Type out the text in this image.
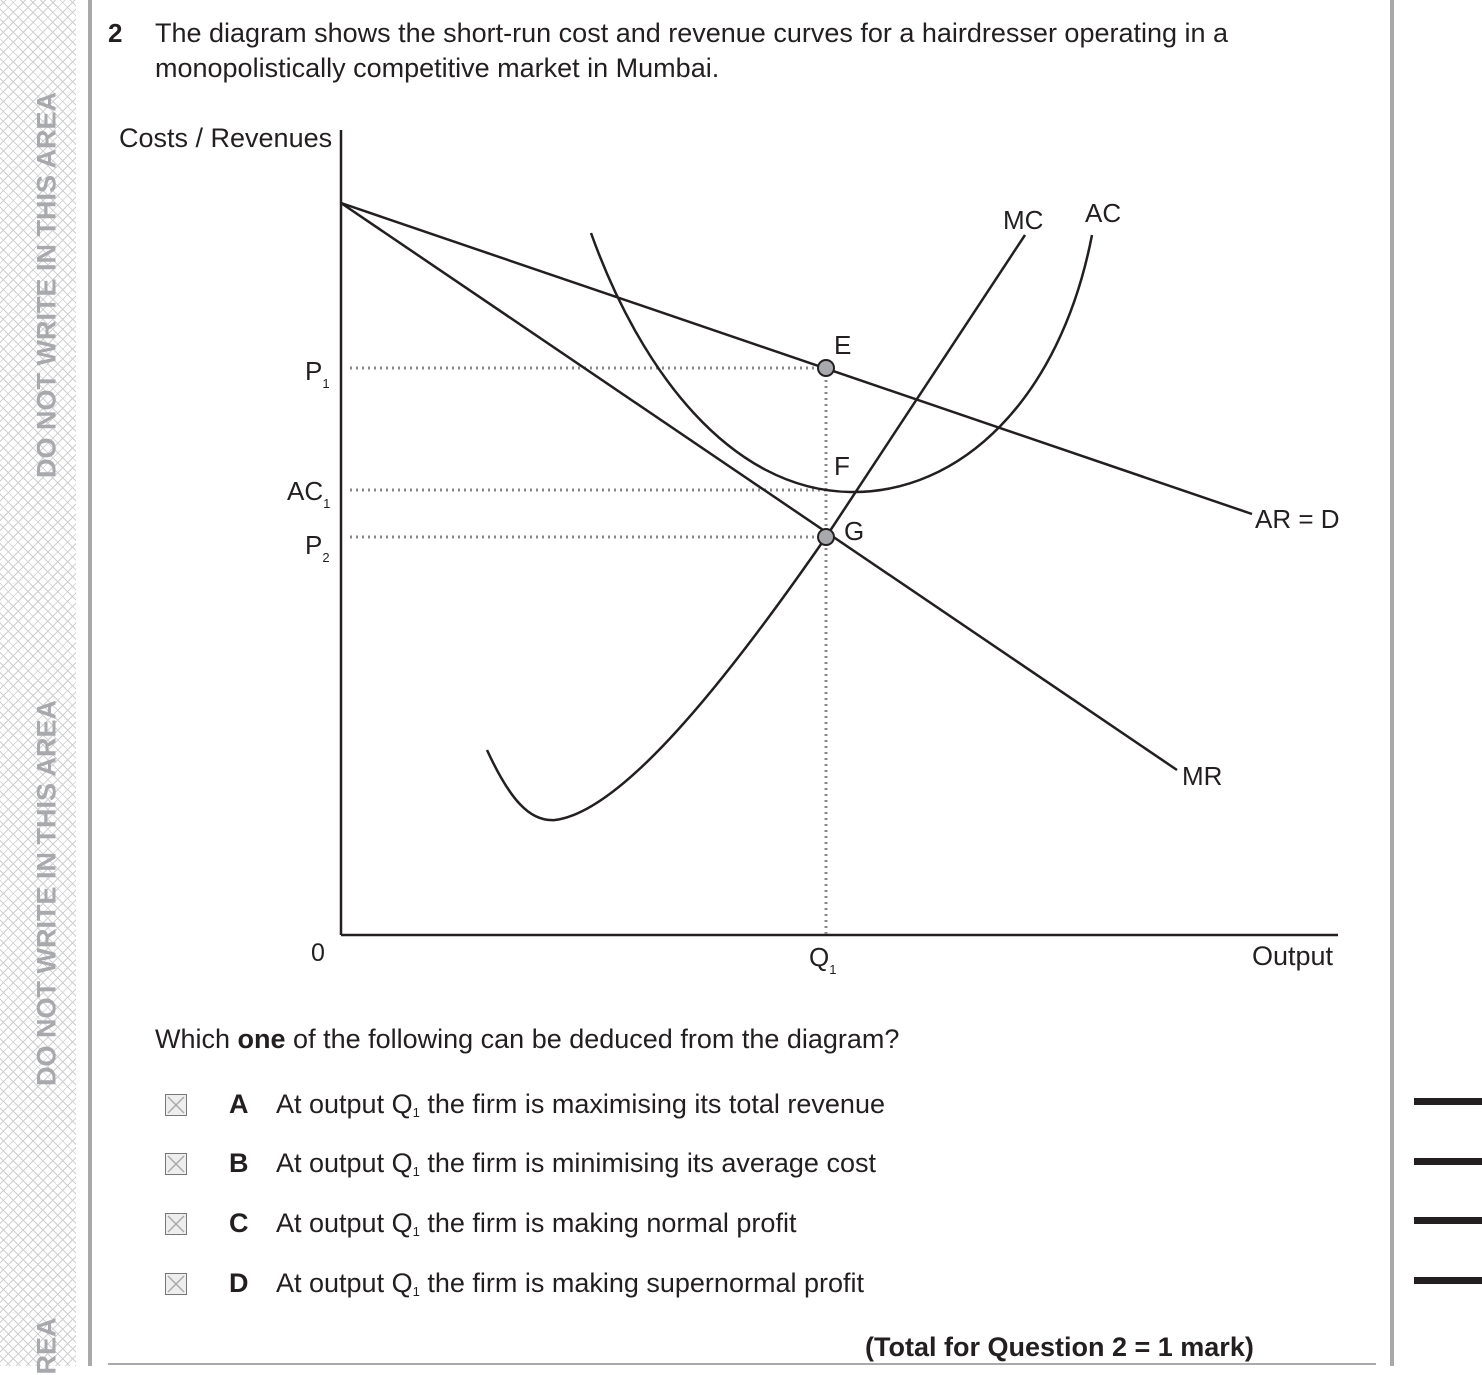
DO NOT WRITE IN THIS AREA
DO NOT WRITE IN THIS AREA
REA
2 The diagram shows the short-run cost and revenue curves for a hairdresser operating in a monopolistically competitive market in Mumbai.
Costs / Revenues
0	Output
E
F
G
MC AC
AR = D
MR
$P_1$
$AC_1$
$P_2$
$Q_1$
Which one of the following can be deduced from the diagram?
A At output $Q_1$ the firm is maximising its total revenue
B At output $Q_1$ the firm is minimising its average cost
C At output $Q_1$ the firm is making normal profit
D At output $Q_1$ the firm is making supernormal profit
(Total for Question 2 = 1 mark)
